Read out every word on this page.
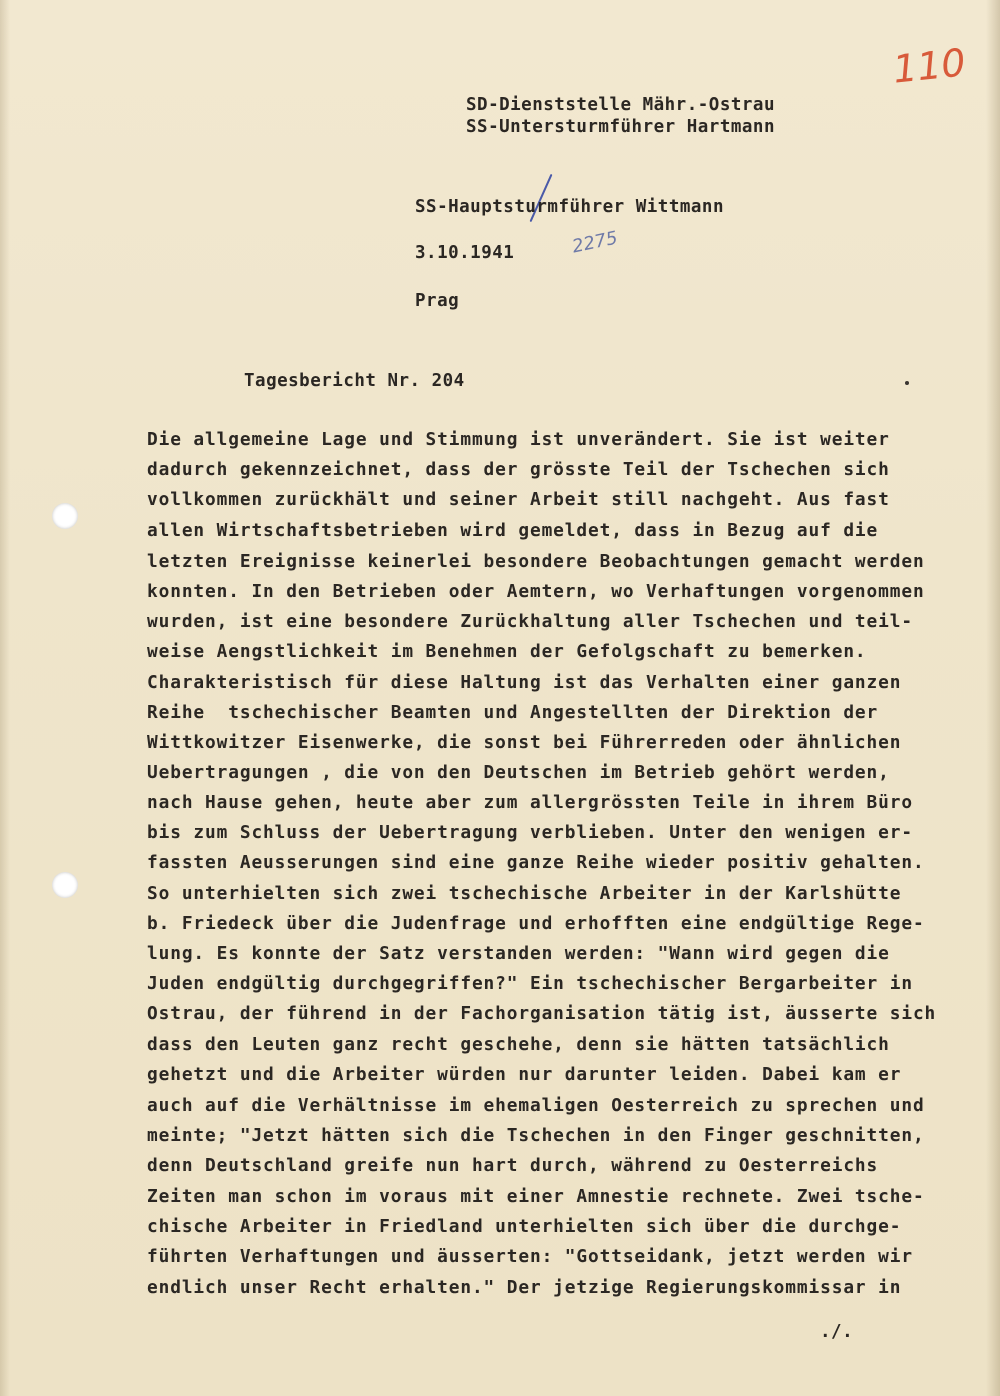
110
2275
SD-Dienststelle Mähr.-Ostrau
SS-Untersturmführer Hartmann
SS-Hauptsturmführer Wittmann
3.10.1941
Prag
Tagesbericht Nr. 204
Die allgemeine Lage und Stimmung ist unverändert. Sie ist weiter
dadurch gekennzeichnet, dass der grösste Teil der Tschechen sich
vollkommen zurückhält und seiner Arbeit still nachgeht. Aus fast
allen Wirtschaftsbetrieben wird gemeldet, dass in Bezug auf die
letzten Ereignisse keinerlei besondere Beobachtungen gemacht werden
konnten. In den Betrieben oder Aemtern, wo Verhaftungen vorgenommen
wurden, ist eine besondere Zurückhaltung aller Tschechen und teil-
weise Aengstlichkeit im Benehmen der Gefolgschaft zu bemerken.
Charakteristisch für diese Haltung ist das Verhalten einer ganzen
Reihe  tschechischer Beamten und Angestellten der Direktion der
Wittkowitzer Eisenwerke, die sonst bei Führerreden oder ähnlichen
Uebertragungen , die von den Deutschen im Betrieb gehört werden,
nach Hause gehen, heute aber zum allergrössten Teile in ihrem Büro
bis zum Schluss der Uebertragung verblieben. Unter den wenigen er-
fassten Aeusserungen sind eine ganze Reihe wieder positiv gehalten.
So unterhielten sich zwei tschechische Arbeiter in der Karlshütte
b. Friedeck über die Judenfrage und erhofften eine endgültige Rege-
lung. Es konnte der Satz verstanden werden: "Wann wird gegen die
Juden endgültig durchgegriffen?" Ein tschechischer Bergarbeiter in
Ostrau, der führend in der Fachorganisation tätig ist, äusserte sich
dass den Leuten ganz recht geschehe, denn sie hätten tatsächlich
gehetzt und die Arbeiter würden nur darunter leiden. Dabei kam er
auch auf die Verhältnisse im ehemaligen Oesterreich zu sprechen und
meinte; "Jetzt hätten sich die Tschechen in den Finger geschnitten,
denn Deutschland greife nun hart durch, während zu Oesterreichs
Zeiten man schon im voraus mit einer Amnestie rechnete. Zwei tsche-
chische Arbeiter in Friedland unterhielten sich über die durchge-
führten Verhaftungen und äusserten: "Gottseidank, jetzt werden wir
endlich unser Recht erhalten." Der jetzige Regierungskommissar in
./.
